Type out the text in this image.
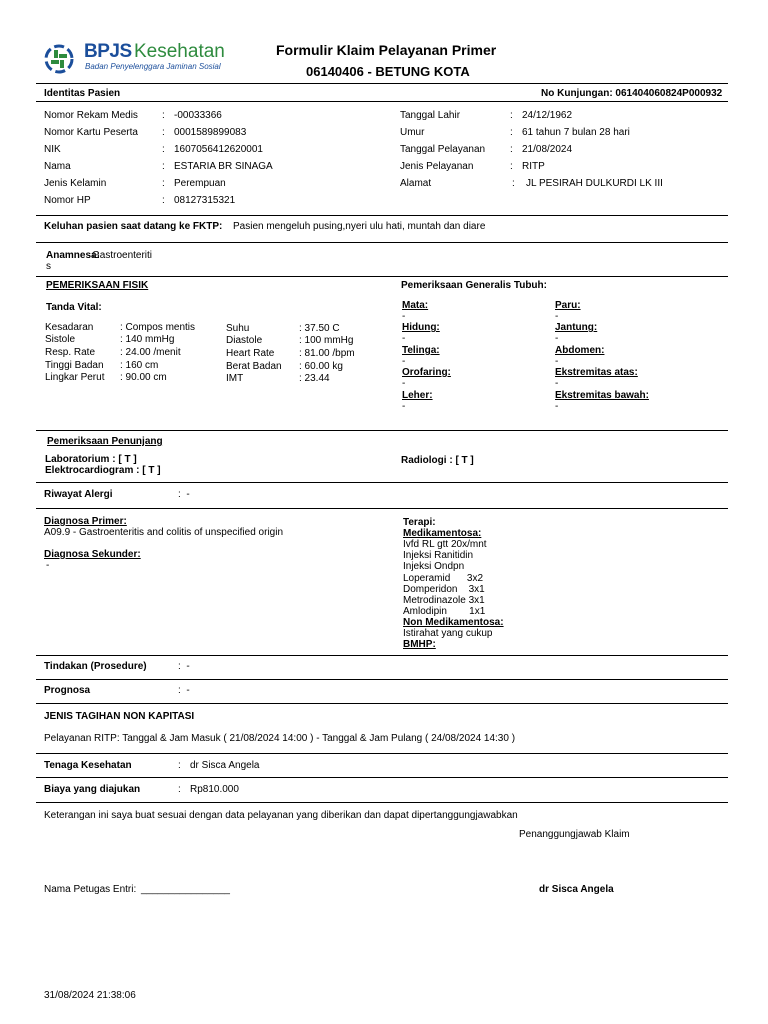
BPJS Kesehatan
Badan Penyelenggara Jaminan Sosial
Formulir Klaim Pelayanan Primer
06140406 - BETUNG KOTA
Identitas Pasien	No Kunjungan: 061404060824P000932
Nomor Rekam Medis : -00033366
Nomor Kartu Peserta : 0001589899083
NIK	: 1607056412620001
Nama	: ESTARIA BR SINAGA
Jenis Kelamin	: Perempuan
Nomor HP	: 08127315321
Tanggal Lahir	: 24/12/1962
Umur	: 61 tahun 7 bulan 28 hari
Tanggal Pelayanan : 21/08/2024
Jenis Pelayanan	: RITP
Alamat	: JL PESIRAH DULKURDI LK III
Keluhan pasien saat datang ke FKTP: Pasien mengeluh pusing,nyeri ulu hati, muntah dan diare
Anamnesa:
Gastroenteriti
s
PEMERIKSAAN FISIK	Pemeriksaan Generalis Tubuh:
Tanda Vital:
Kesadaran	: Compos mentis
Sistole	: 140 mmHg
Resp. Rate : 24.00 /menit
Tinggi Badan : 160 cm
Lingkar Perut : 90.00 cm
Suhu	: 37.50 C
Diastole	: 100 mmHg
Heart Rate : 81.00 /bpm
Berat Badan : 60.00 kg
IMT	: 23.44
Mata:
-
Hidung:
-
Telinga:
-
Orofaring:
-
Leher:
-
Paru:
-
Jantung:
-
Abdomen:
-
Ekstremitas atas:
-
Ekstremitas bawah:
-
Pemeriksaan Penunjang
Laboratorium : [ T ]
Elektrocardiogram : [ T ]
Radiologi : [ T ]
Riwayat Alergi	:  -
Diagnosa Primer:
A09.9 - Gastroenteritis and colitis of unspecified origin
Diagnosa Sekunder:
-
Terapi:
Medikamentosa:
Ivfd RL gtt 20x/mnt
Injeksi Ranitidin
Injeksi Ondpn
Loperamid      3x2
Domperidon    3x1
Metrodinazole 3x1
Amlodipin        1x1
Non Medikamentosa:
Istirahat yang cukup
BMHP:
Tindakan (Prosedure)	:  -
Prognosa	:  -
JENIS TAGIHAN NON KAPITASI
Pelayanan RITP: Tanggal & Jam Masuk ( 21/08/2024 14:00 ) - Tanggal & Jam Pulang ( 24/08/2024 14:30 )
Tenaga Kesehatan	: dr Sisca Angela
Biaya yang diajukan	: Rp810.000
Keterangan ini saya buat sesuai dengan data pelayanan yang diberikan dan dapat dipertanggungjawabkan
Penanggungjawab Klaim
Nama Petugas Entri: ________________	dr Sisca Angela
31/08/2024 21:38:06
